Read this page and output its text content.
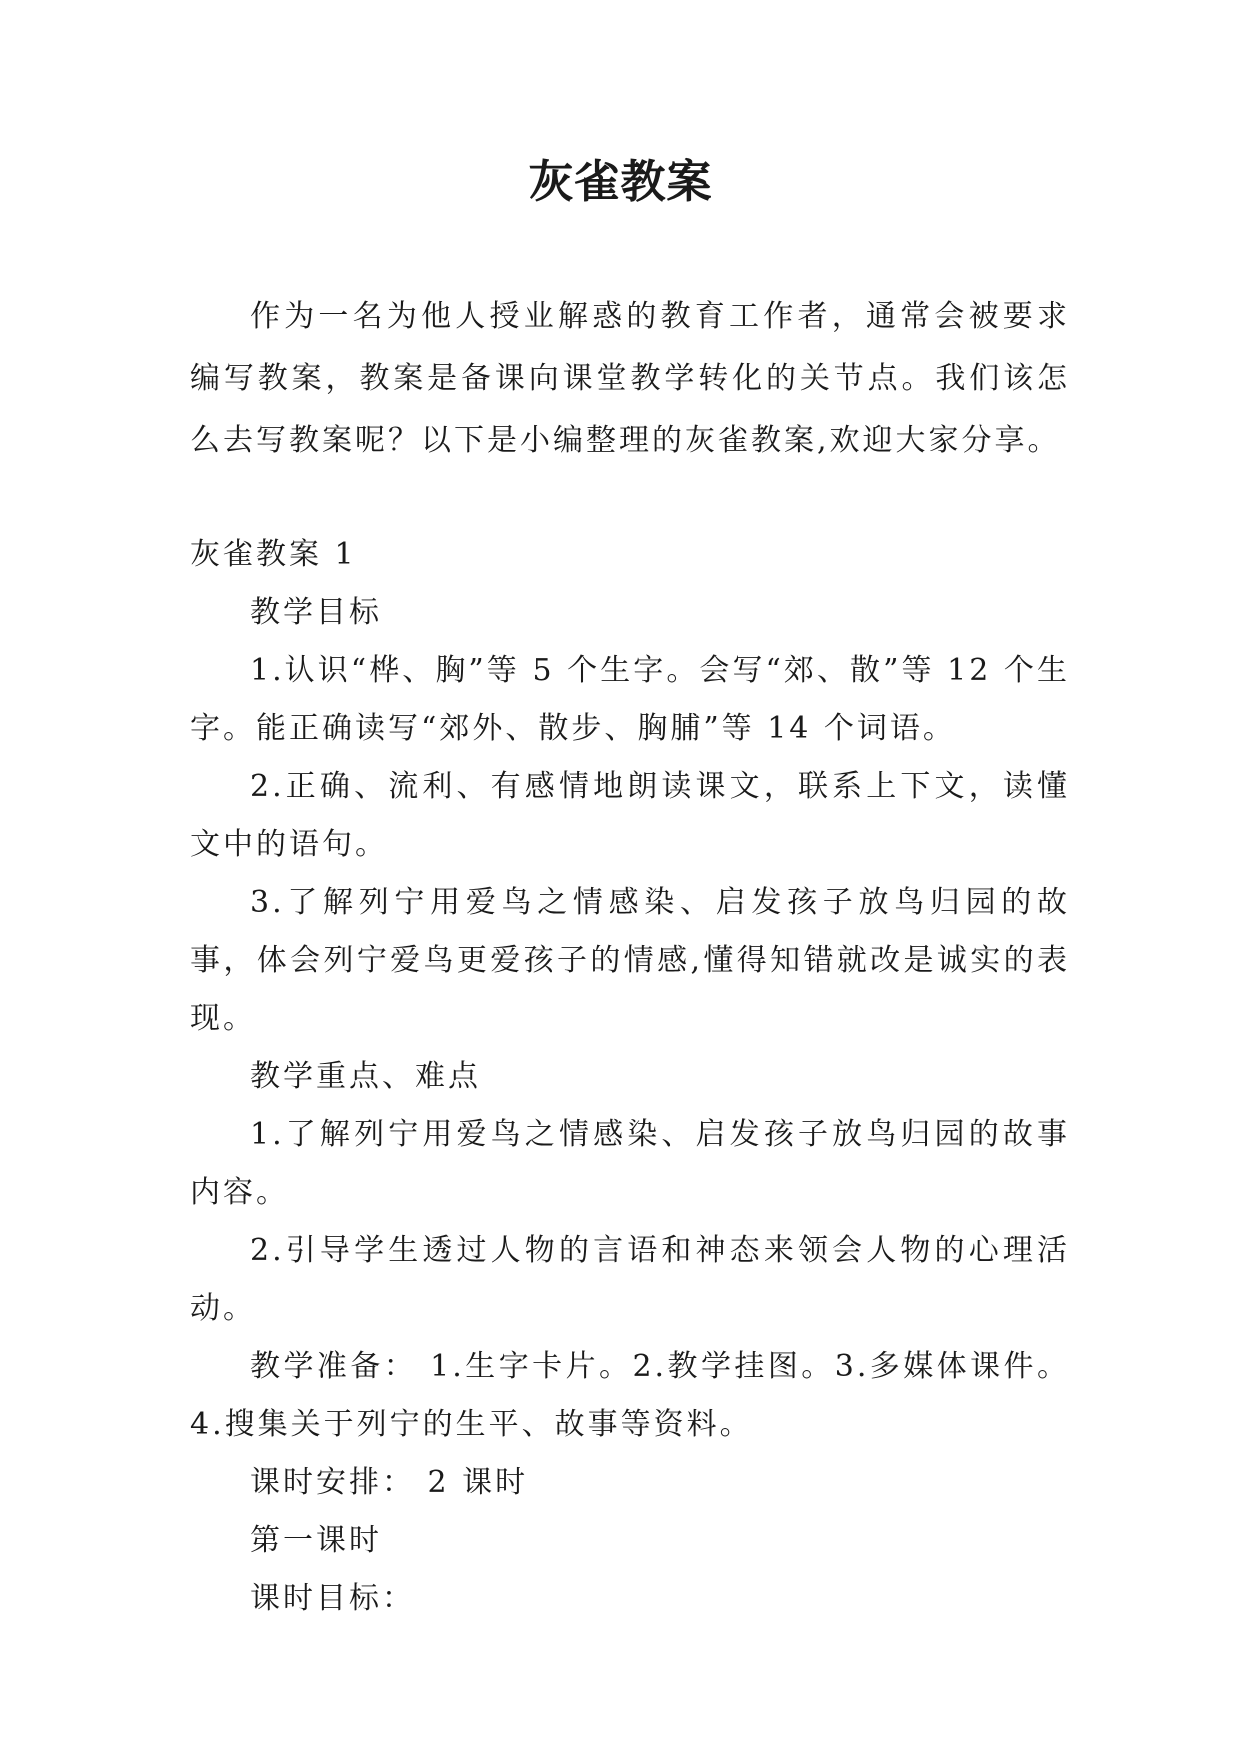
灰雀教案

作为一名为他人授业解惑的教育工作者，通常会被要求编写教案，教案是备课向课堂教学转化的关节点。我们该怎么去写教案呢？以下是小编整理的灰雀教案,欢迎大家分享。

灰雀教案 1

教学目标

1.认识“桦、胸”等 5 个生字。会写“郊、散”等 12 个生字。能正确读写“郊外、散步、胸脯”等 14 个词语。

2.正确、流利、有感情地朗读课文，联系上下文，读懂文中的语句。

3.了解列宁用爱鸟之情感染、启发孩子放鸟归园的故事，体会列宁爱鸟更爱孩子的情感,懂得知错就改是诚实的表现。

教学重点、难点

1.了解列宁用爱鸟之情感染、启发孩子放鸟归园的故事内容。

2.引导学生透过人物的言语和神态来领会人物的心理活动。

教学准备： 1.生字卡片。2.教学挂图。3.多媒体课件。4.搜集关于列宁的生平、故事等资料。

课时安排： 2 课时

第一课时

课时目标：
